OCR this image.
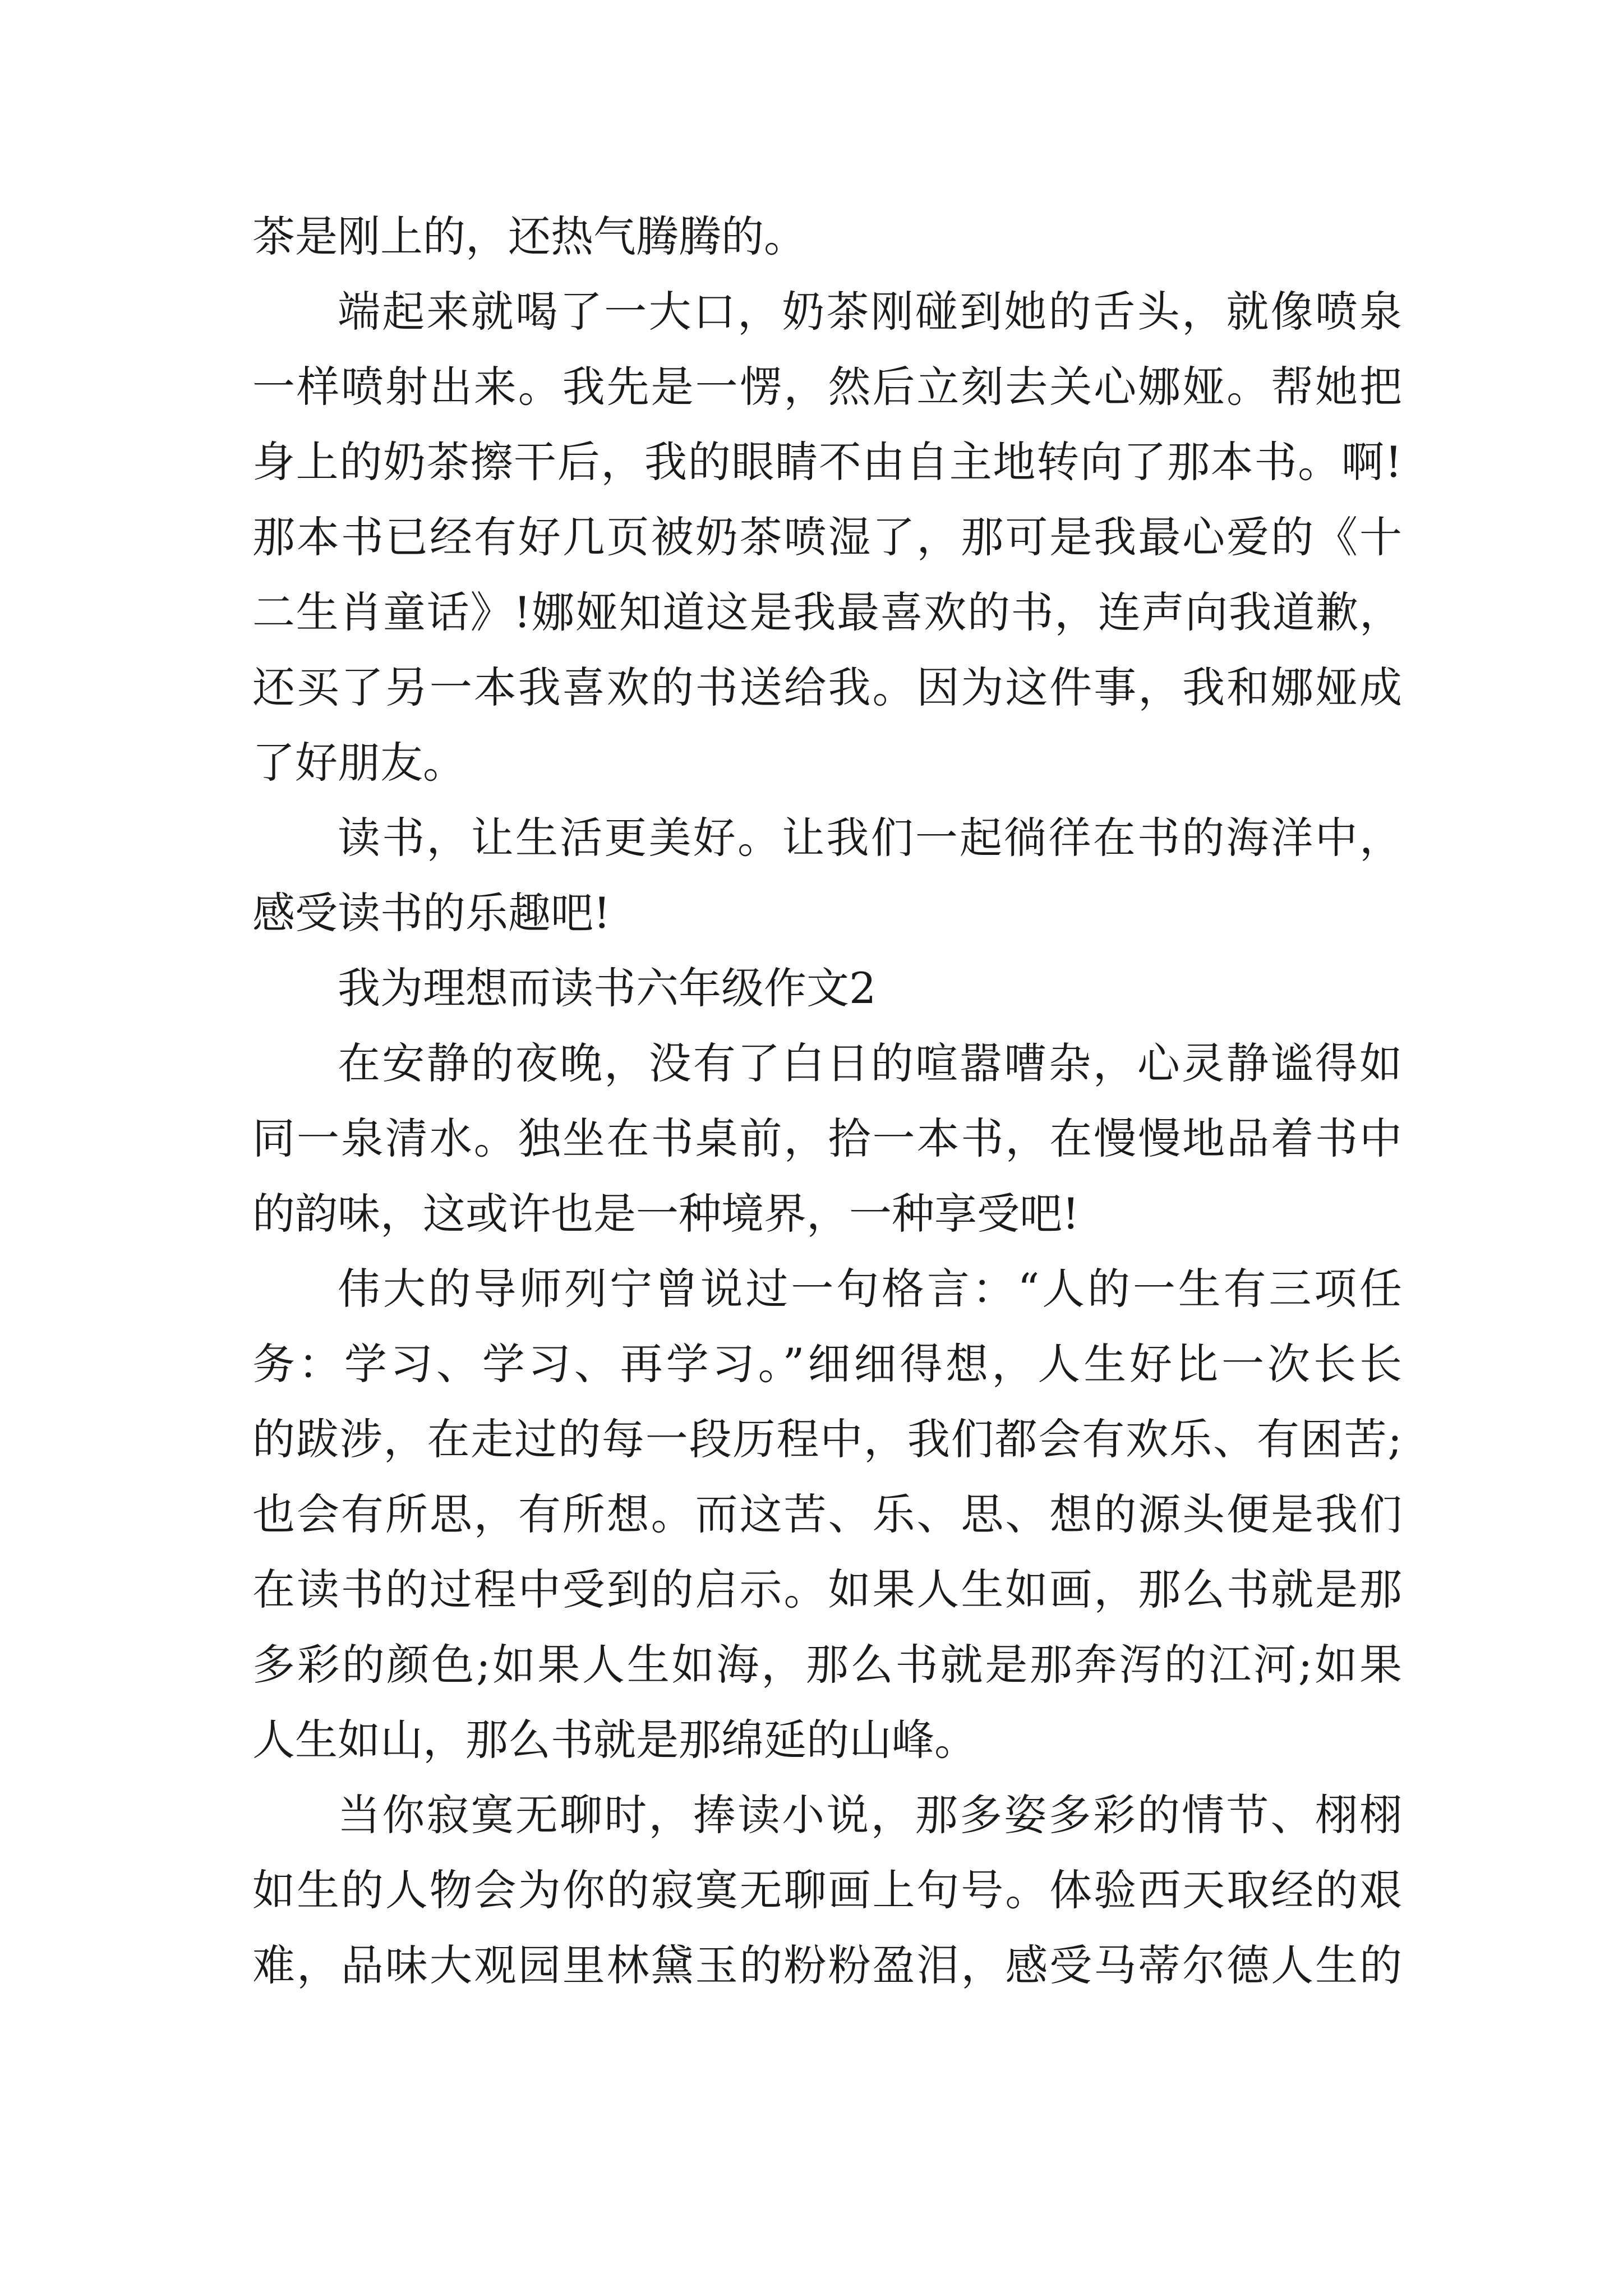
茶是刚上的，还热气腾腾的。
端起来就喝了一大口，奶茶刚碰到她的舌头，就像喷泉
一样喷射出来。我先是一愣，然后立刻去关心娜娅。帮她把
身上的奶茶擦干后，我的眼睛不由自主地转向了那本书。啊!
那本书已经有好几页被奶茶喷湿了，那可是我最心爱的《十
二生肖童话》!娜娅知道这是我最喜欢的书，连声向我道歉，
还买了另一本我喜欢的书送给我。因为这件事，我和娜娅成
了好朋友。
读书，让生活更美好。让我们一起徜徉在书的海洋中，
感受读书的乐趣吧!
我为理想而读书六年级作文2
在安静的夜晚，没有了白日的喧嚣嘈杂，心灵静谧得如
同一泉清水。独坐在书桌前，拾一本书，在慢慢地品着书中
的韵味，这或许也是一种境界，一种享受吧!
伟大的导师列宁曾说过一句格言：“人的一生有三项任
务：学习、学习、再学习。”细细得想，人生好比一次长长
的跋涉，在走过的每一段历程中，我们都会有欢乐、有困苦;
也会有所思，有所想。而这苦、乐、思、想的源头便是我们
在读书的过程中受到的启示。如果人生如画，那么书就是那
多彩的颜色;如果人生如海，那么书就是那奔泻的江河;如果
人生如山，那么书就是那绵延的山峰。
当你寂寞无聊时，捧读小说，那多姿多彩的情节、栩栩
如生的人物会为你的寂寞无聊画上句号。体验西天取经的艰
难，品味大观园里林黛玉的粉粉盈泪，感受马蒂尔德人生的
